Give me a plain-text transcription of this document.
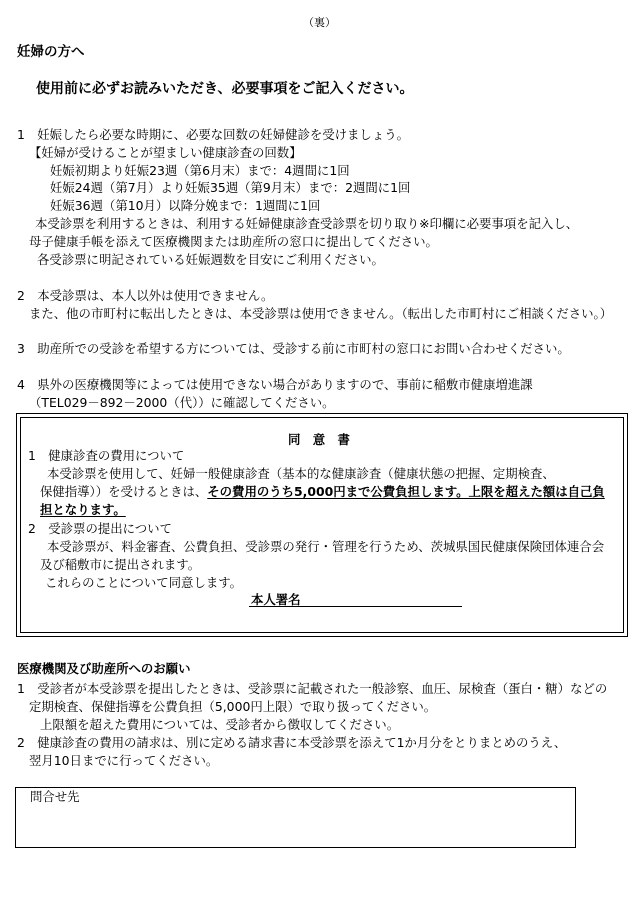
（裏）
妊婦の方へ
使用前に必ずお読みいただき、必要事項をご記入ください。
1　妊娠したら必要な時期に、必要な回数の妊婦健診を受けましょう。
【妊婦が受けることが望ましい健康診査の回数】
妊娠初期より妊娠23週（第6月末）まで：4週間に1回
妊娠24週（第7月）より妊娠35週（第9月末）まで：2週間に1回
妊娠36週（第10月）以降分娩まで：1週間に1回
本受診票を利用するときは、利用する妊婦健康診査受診票を切り取り※印欄に必要事項を記入し、
母子健康手帳を添えて医療機関または助産所の窓口に提出してください。
各受診票に明記されている妊娠週数を目安にご利用ください。
2　本受診票は、本人以外は使用できません。
また、他の市町村に転出したときは、本受診票は使用できません。（転出した市町村にご相談ください。）
3　助産所での受診を希望する方については、受診する前に市町村の窓口にお問い合わせください。
4　県外の医療機関等によっては使用できない場合がありますので、事前に稲敷市健康増進課
（TEL029－892－2000（代））に確認してください。
同　意　書
1　健康診査の費用について
本受診票を使用して、妊婦一般健康診査（基本的な健康診査（健康状態の把握、定期検査、
保健指導））を受けるときは、その費用のうち5,000円まで公費負担します。上限を超えた額は自己負
担となります。
2　受診票の提出について
本受診票が、料金審査、公費負担、受診票の発行・管理を行うため、茨城県国民健康保険団体連合会
及び稲敷市に提出されます。
これらのことについて同意します。
本人署名
医療機関及び助産所へのお願い
1　受診者が本受診票を提出したときは、受診票に記載された一般診察、血圧、尿検査（蛋白・糖）などの
定期検査、保健指導を公費負担（5,000円上限）で取り扱ってください。
上限額を超えた費用については、受診者から徴収してください。
2　健康診査の費用の請求は、別に定める請求書に本受診票を添えて1か月分をとりまとめのうえ、
翌月10日までに行ってください。
問合せ先
